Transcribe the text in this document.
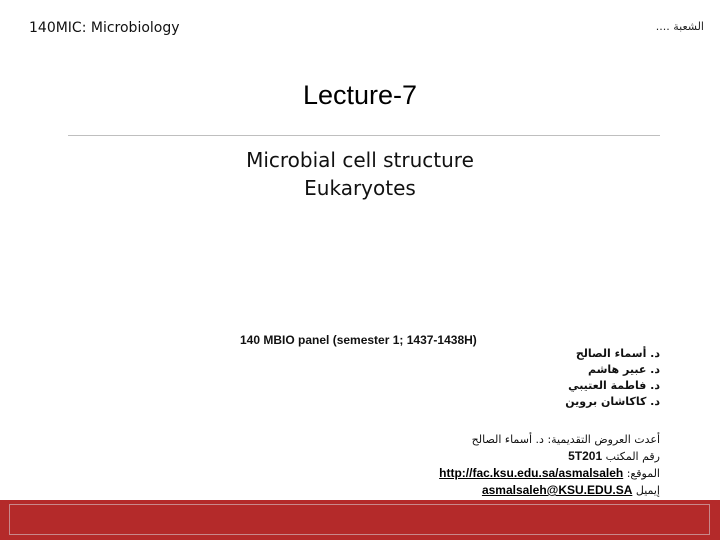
140MIC: Microbiology	الشعبة ....
Lecture-7
Microbial cell structure
Eukaryotes
140 MBIO panel (semester 1; 1437-1438H)
د. أسماء الصالح
د. عبير هاشم
د. فاطمة العتيبي
د. كاكاشان بروين
أعدت العروض التقديمية: د. أسماء الصالح
رقم المكتب 5T201
الموقع: http://fac.ksu.edu.sa/asmalsaleh
إيميل asmalsaleh@KSU.EDU.SA
